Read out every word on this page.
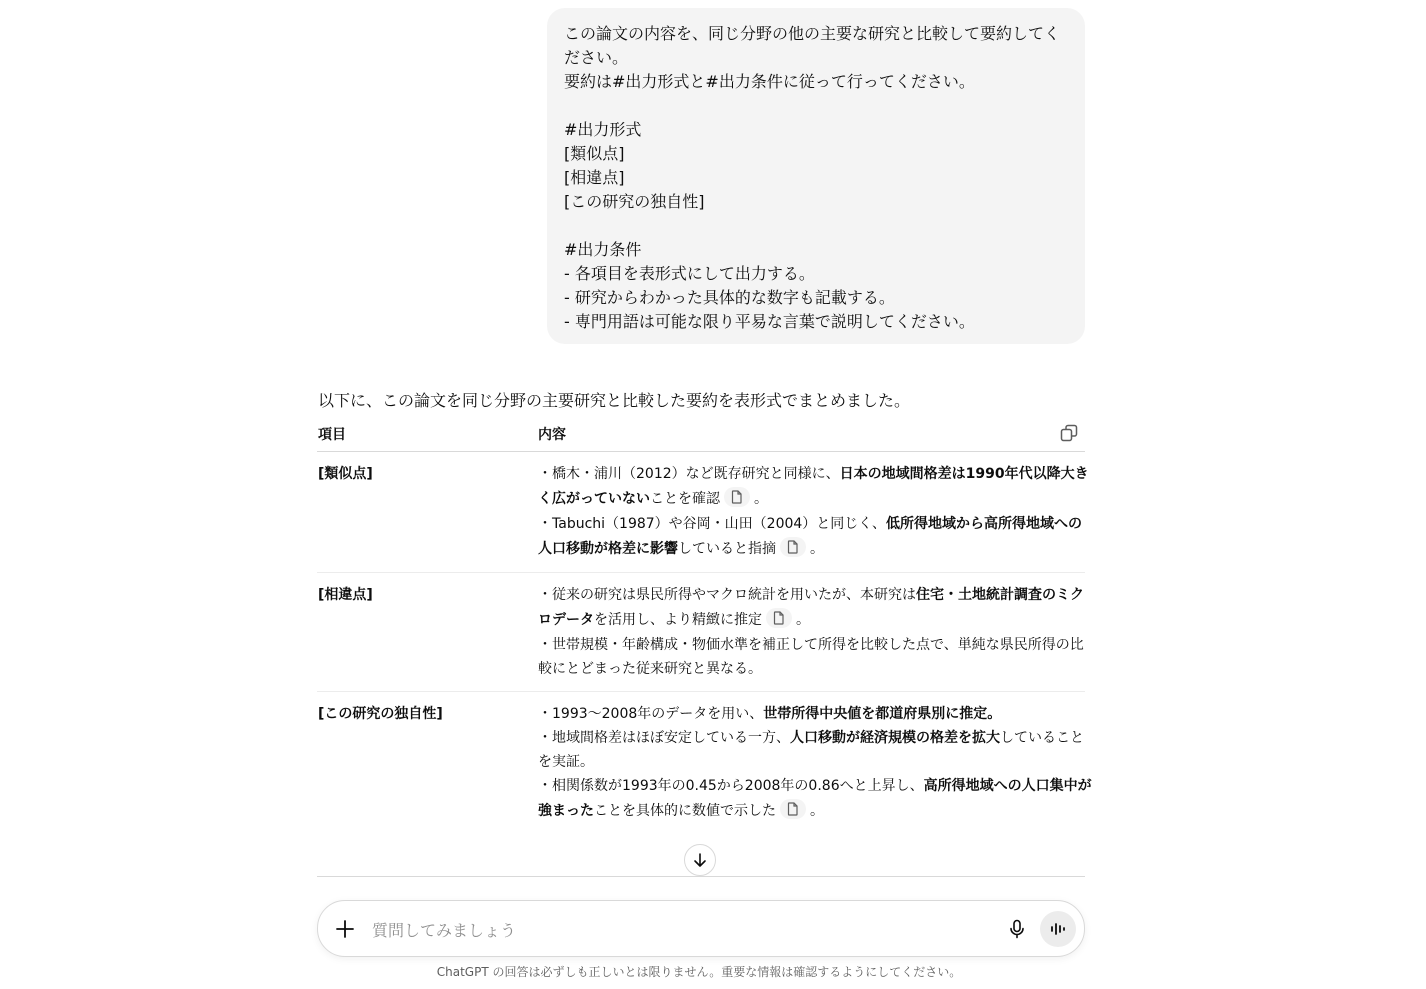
この論文の内容を、同じ分野の他の主要な研究と比較して要約してく
ださい。
要約は#出力形式と#出力条件に従って行ってください。
#出力形式
[類似点]
[相違点]
[この研究の独自性]
#出力条件
- 各項目を表形式にして出力する。
- 研究からわかった具体的な数字も記載する。
- 専門用語は可能な限り平易な言葉で説明してください。
以下に、この論文を同じ分野の主要研究と比較した要約を表形式でまとめました。
項目	内容
[類似点]	・橋木・浦川（2012）など既存研究と同様に、日本の地域間格差は1990年代以降大き
く広がっていないことを確認 。
・Tabuchi（1987）や谷岡・山田（2004）と同じく、低所得地域から高所得地域への
人口移動が格差に影響していると指摘 。
[相違点]	・従来の研究は県民所得やマクロ統計を用いたが、本研究は住宅・土地統計調査のミク
ロデータを活用し、より精緻に推定 。
・世帯規模・年齢構成・物価水準を補正して所得を比較した点で、単純な県民所得の比
較にとどまった従来研究と異なる。
[この研究の独自性]	・1993〜2008年のデータを用い、世帯所得中央値を都道府県別に推定。
・地域間格差はほぼ安定している一方、人口移動が経済規模の格差を拡大していること
を実証。
・相関係数が1993年の0.45から2008年の0.86へと上昇し、高所得地域への人口集中が
強まったことを具体的に数値で示した 。
質問してみましょう
ChatGPT の回答は必ずしも正しいとは限りません。重要な情報は確認するようにしてください。
